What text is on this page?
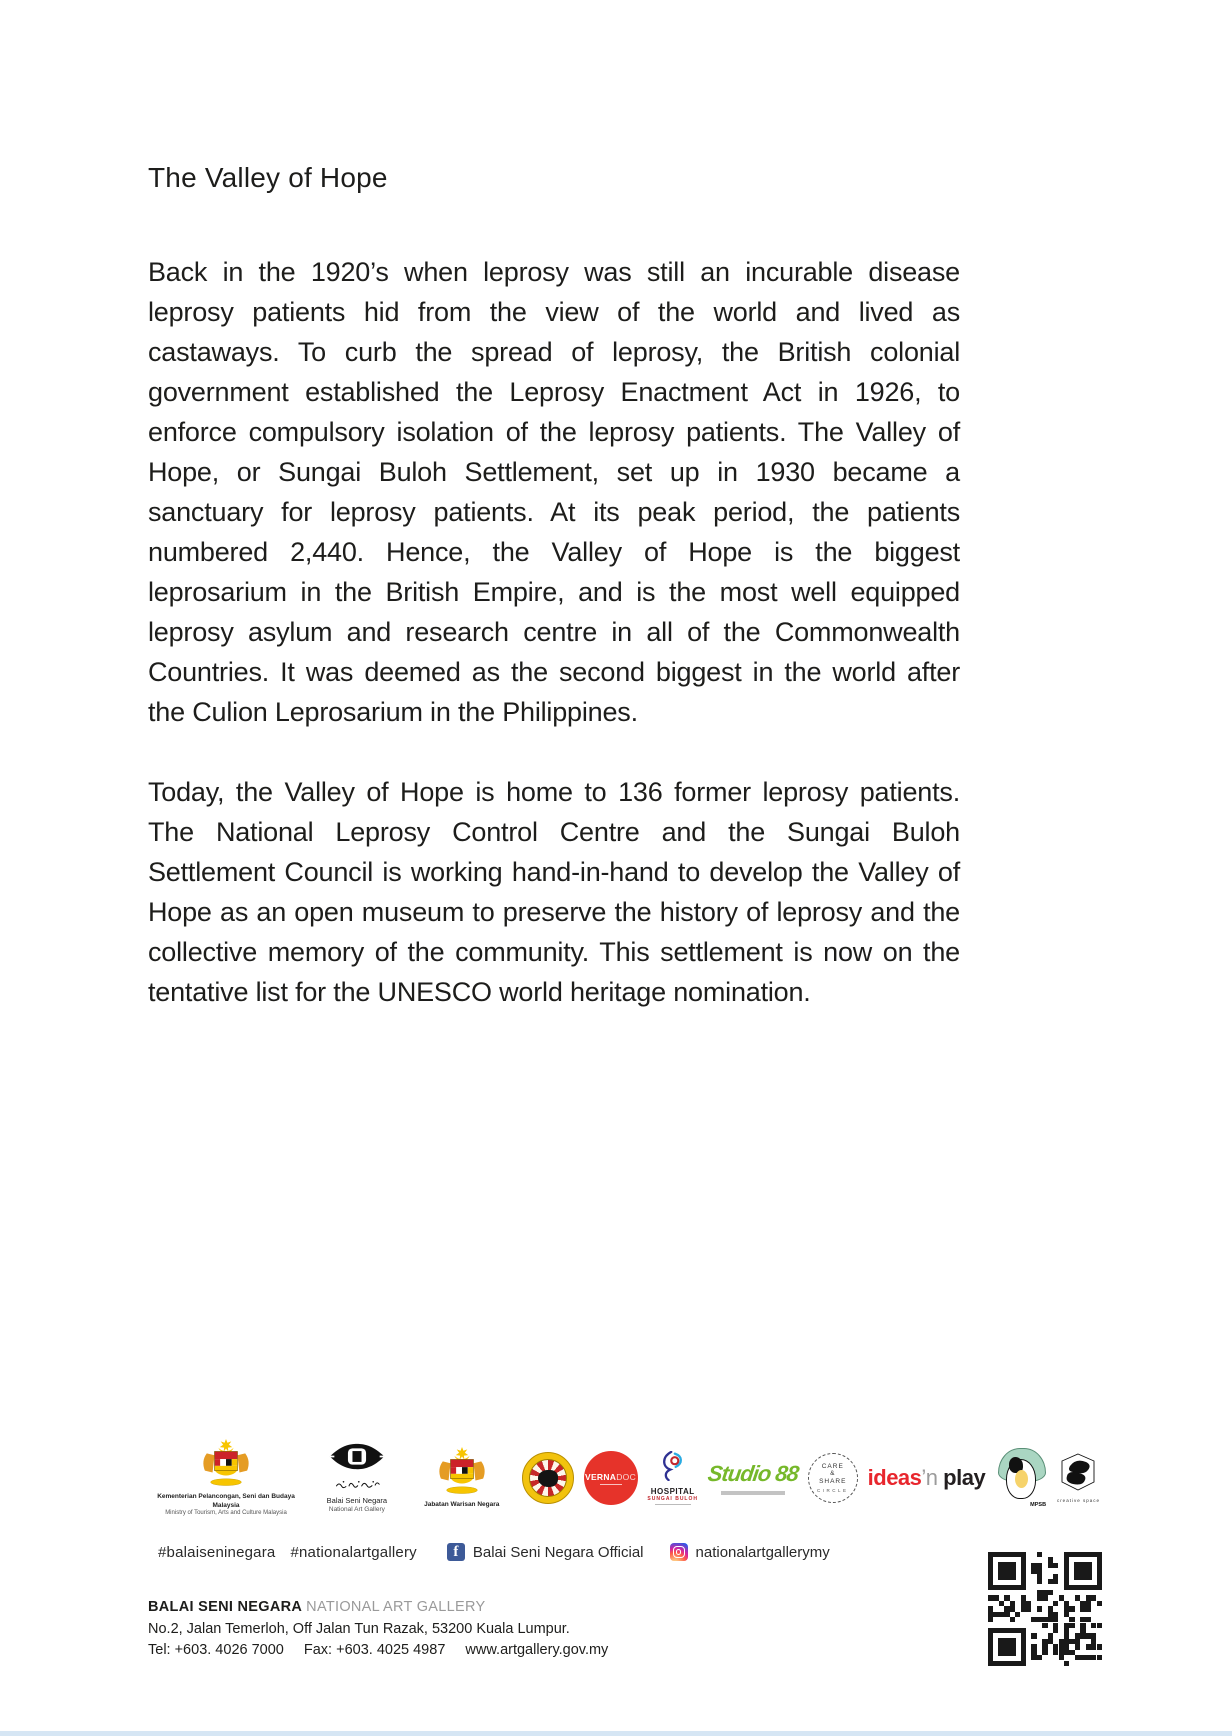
The Valley of Hope

Back in the 1920’s when leprosy was still an incurable disease leprosy patients hid from the view of the world and lived as castaways. To curb the spread of leprosy, the British colonial government established the Leprosy Enactment Act in 1926, to enforce compulsory isolation of the leprosy patients. The Valley of Hope, or Sungai Buloh Settlement, set up in 1930 became a sanctuary for leprosy patients. At its peak period, the patients numbered 2,440. Hence, the Valley of Hope is the biggest leprosarium in the British Empire, and is the most well equipped leprosy asylum and research centre in all of the Commonwealth Countries. It was deemed as the second biggest in the world after the Culion Leprosarium in the Philippines.

Today, the Valley of Hope is home to 136 former leprosy patients. The National Leprosy Control Centre and the Sungai Buloh Settlement Council is working hand-in-hand to develop the Valley of Hope as an open museum to preserve the history of leprosy and the collective memory of the community. This settlement is now on the tentative list for the UNESCO world heritage nomination.

Kementerian Pelancongan, Seni dan Budaya Malaysia
Ministry of Tourism, Arts and Culture Malaysia
Balai Seni Negara
National Art Gallery
Jabatan Warisan Negara
VERNADOC
HOSPITAL
SUNGAI BULOH
Studio 88	CARE
&
SHARE
CIRCLE
ideas’n play
MPSB
creative space
#balaiseninegara #nationalartgallery	f Balai Seni Negara Official	nationalartgallerymy
BALAI SENI NEGARA NATIONAL ART GALLERY
No.2, Jalan Temerloh, Off Jalan Tun Razak, 53200 Kuala Lumpur.
Tel: +603. 4026 7000 Fax: +603. 4025 4987 www.artgallery.gov.my
